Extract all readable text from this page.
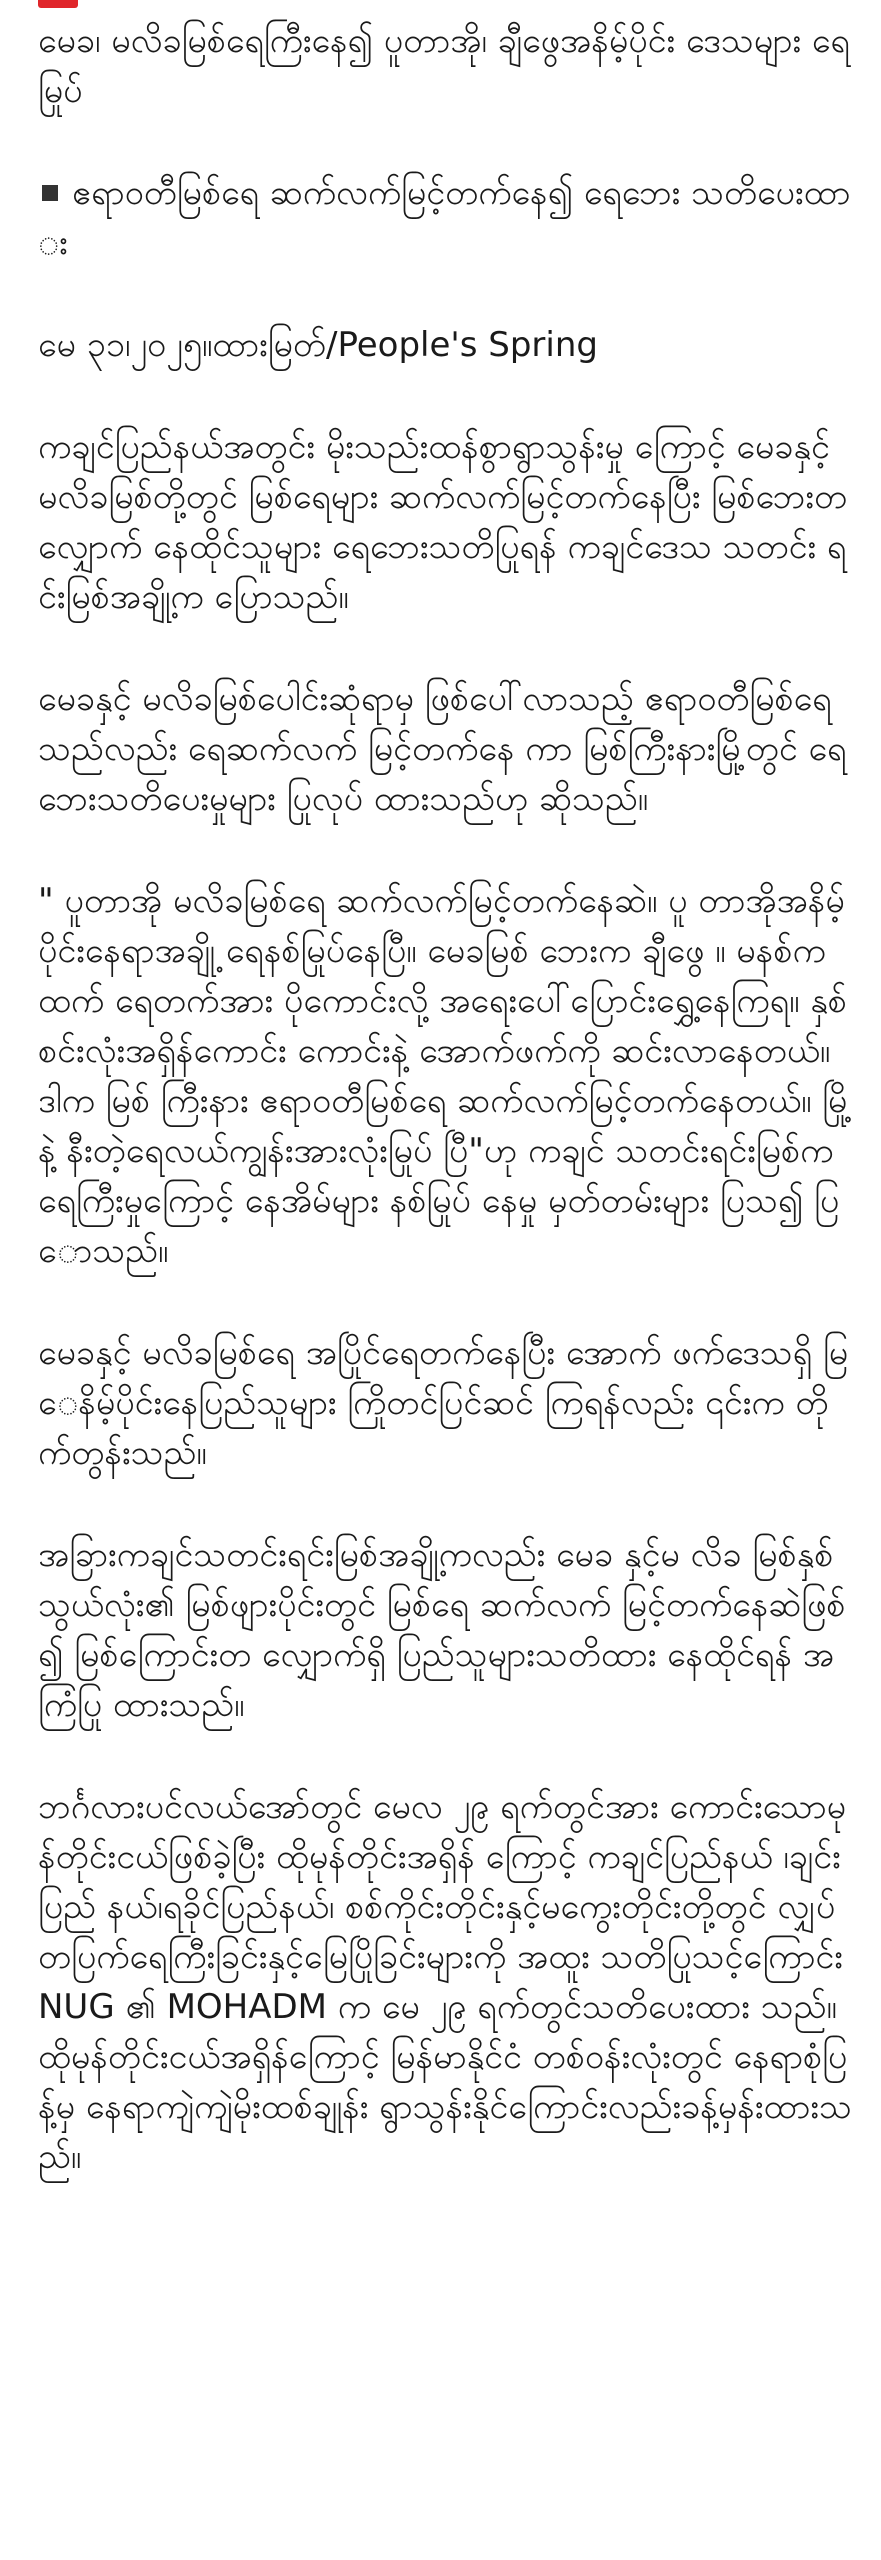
မေခ၊ မလိခမြစ်ရေကြီးနေ၍ ပူတာအို၊ ချီဖွေအနိမ့်ပိုင်း ဒေသများ ရေမြုပ်

ဧရာဝတီမြစ်ရေ ဆက်လက်မြင့်တက်နေ၍ ရေဘေး သတိပေးထား

မေ ၃၁၊၂၀၂၅။ထားမြတ်/People's Spring

ကချင်ပြည်နယ်အတွင်း မိုးသည်းထန်စွာရွာသွန်းမှု ကြောင့် မေခနှင့် မလိခမြစ်တို့တွင် မြစ်ရေများ ဆက်လက်မြင့်တက်နေပြီး မြစ်ဘေးတလျှောက် နေထိုင်သူများ ရေဘေးသတိပြုရန် ကချင်ဒေသ သတင်း ရင်းမြစ်အချို့က ပြောသည်။

မေခနှင့် မလိခမြစ်ပေါင်းဆုံရာမှ ဖြစ်ပေါ်လာသည့် ဧရာဝတီမြစ်ရေသည်လည်း ရေဆက်လက် မြင့်တက်နေ ကာ မြစ်ကြီးနားမြို့တွင် ရေဘေးသတိပေးမှုများ ပြုလုပ် ထားသည်ဟု ဆိုသည်။

" ပူတာအို မလိခမြစ်ရေ ဆက်လက်မြင့်တက်နေဆဲ။ ပူ တာအိုအနိမ့်ပိုင်းနေရာအချို့ ရေနစ်မြုပ်နေပြီ။ မေခမြစ် ဘေးက ချီဖွေ ။ မနစ်ကထက် ရေတက်အား ပိုကောင်းလို့ အရေးပေါ်ပြောင်းရွှေ့နေကြရ။ နှစ်စင်းလုံးအရှိန်ကောင်း ကောင်းနဲ့ အောက်ဖက်ကို ဆင်းလာနေတယ်။ ဒါက မြစ် ကြီးနား ဧရာဝတီမြစ်ရေ ဆက်လက်မြင့်တက်နေတယ်။ မြို့နဲ့ နီးတဲ့ရေလယ်ကျွန်းအားလုံးမြုပ် ပြီ"ဟု ကချင် သတင်းရင်းမြစ်က ရေကြီးမှုကြောင့် နေအိမ်များ နစ်မြုပ် နေမှု မှတ်တမ်းများ ပြသ၍ ပြောသည်။

မေခနှင့် မလိခမြစ်ရေ အပြိုင်ရေတက်နေပြီး အောက် ဖက်ဒေသရှိ မြေနိမ့်ပိုင်းနေပြည်သူများ ကြိုတင်ပြင်ဆင် ကြရန်လည်း ၎င်းက တိုက်တွန်းသည်။

အခြားကချင်သတင်းရင်းမြစ်အချို့ကလည်း မေခ နှင့်မ လိခ မြစ်နှစ်သွယ်လုံး၏ မြစ်ဖျားပိုင်းတွင် မြစ်ရေ ဆက်လက် မြင့်တက်နေဆဲဖြစ်၍ မြစ်ကြောင်းတ လျှောက်ရှိ ပြည်သူများသတိထား နေထိုင်ရန် အကြံပြု ထားသည်။

ဘင်္ဂလားပင်လယ်အော်တွင် မေလ ၂၉ ရက်တွင်အား ကောင်းသောမုန်တိုင်းငယ်ဖြစ်ခဲ့ပြီး ထိုမုန်တိုင်းအရှိန် ကြောင့် ကချင်ပြည်နယ် ၊ချင်းပြည် နယ်၊ရခိုင်ပြည်နယ်၊ စစ်ကိုင်းတိုင်းနှင့်မကွေးတိုင်းတို့တွင် လျှပ်တပြက်ရေကြီးခြင်းနှင့်မြေပြိုခြင်းများကို အထူး သတိပြုသင့်ကြောင်း NUG ၏ MOHADM က မေ ၂၉ ရက်တွင်သတိပေးထား သည်။ ထိုမုန်တိုင်းငယ်အရှိန်ကြောင့် မြန်မာနိုင်ငံ တစ်ဝန်းလုံးတွင် နေရာစုံပြန့်မှ နေရာကျဲကျဲမိုးထစ်ချုန်း ရွာသွန်းနိုင်ကြောင်းလည်းခန့်မှန်းထားသည်။
